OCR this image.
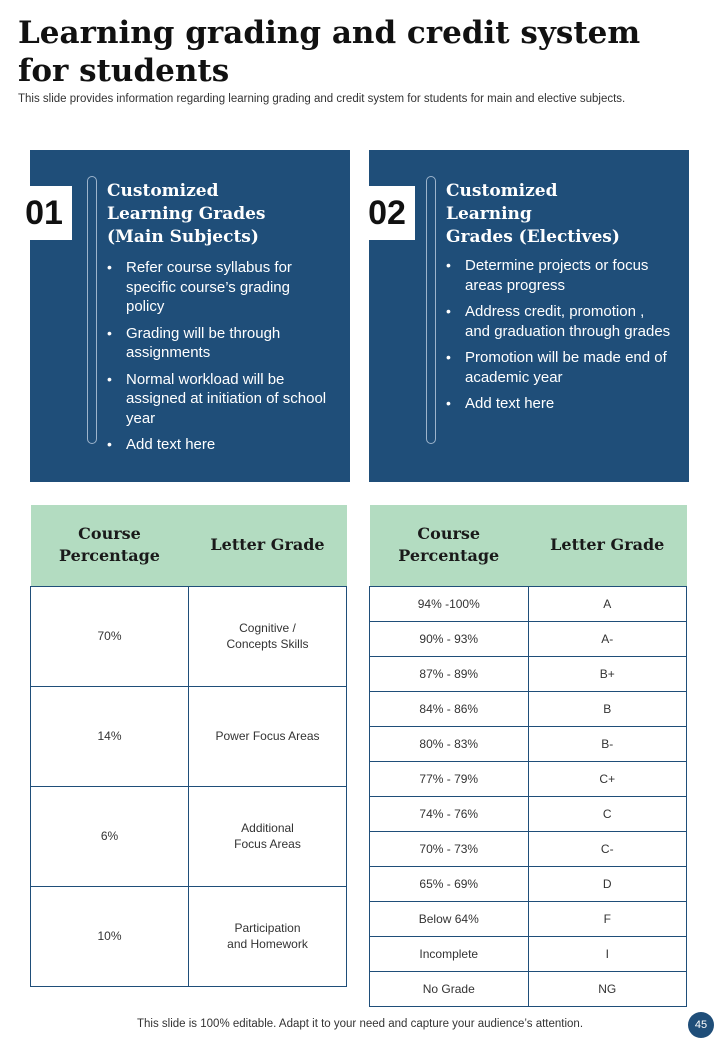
Learning grading and credit system for students
This slide provides information regarding learning grading and credit system for students for main and elective subjects.
01
Customized
Learning Grades
(Main Subjects)
• Refer course syllabus for specific course’s grading policy
• Grading will be through assignments
• Normal workload will be assigned at initiation of school year
• Add text here
02
Customized
Learning
Grades (Electives)
• Determine projects or focus areas progress
• Address credit, promotion , and graduation through grades
• Promotion will be made end of academic year
• Add text here
Course Percentage	Letter Grade
70%	Cognitive /
Concepts Skills

14%	Power Focus Areas

6%	Additional
Focus Areas

10%	Participation
and Homework
Course Percentage	Letter Grade
94% -100%	A
90% - 93%	A-
87% - 89%	B+
84% - 86%	B
80% - 83%	B-
77% - 79%	C+
74% - 76%	C
70% - 73%	C-
65% - 69%	D
Below 64%	F
Incomplete	I
No Grade	NG
This slide is 100% editable. Adapt it to your need and capture your audience’s attention.	45
